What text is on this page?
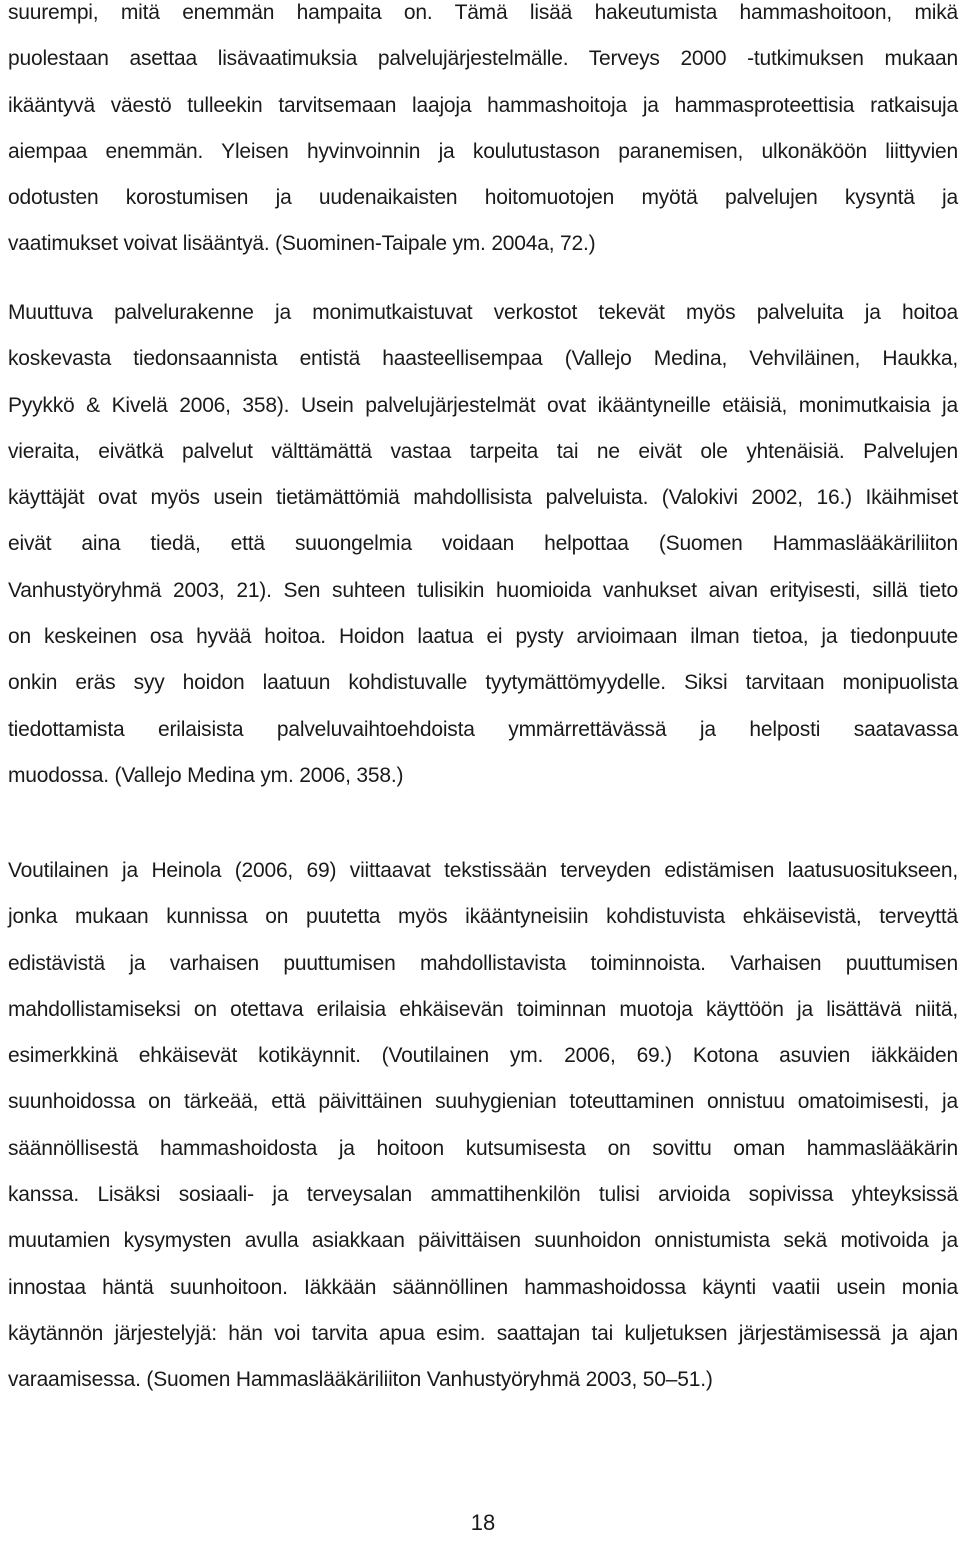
suurempi, mitä enemmän hampaita on. Tämä lisää hakeutumista hammashoitoon, mikä
puolestaan asettaa lisävaatimuksia palvelujärjestelmälle. Terveys 2000 -tutkimuksen mukaan
ikääntyvä väestö tulleekin tarvitsemaan laajoja hammashoitoja ja hammasproteettisia ratkaisuja
aiempaa enemmän. Yleisen hyvinvoinnin ja koulutustason paranemisen, ulkonäköön liittyvien
odotusten korostumisen ja uudenaikaisten hoitomuotojen myötä palvelujen kysyntä ja
vaatimukset voivat lisääntyä. (Suominen-Taipale ym. 2004a, 72.)
Muuttuva palvelurakenne ja monimutkaistuvat verkostot tekevät myös palveluita ja hoitoa
koskevasta tiedonsaannista entistä haasteellisempaa (Vallejo Medina, Vehviläinen, Haukka,
Pyykkö & Kivelä 2006, 358). Usein palvelujärjestelmät ovat ikääntyneille etäisiä, monimutkaisia ja
vieraita, eivätkä palvelut välttämättä vastaa tarpeita tai ne eivät ole yhtenäisiä. Palvelujen
käyttäjät ovat myös usein tietämättömiä mahdollisista palveluista. (Valokivi 2002, 16.) Ikäihmiset
eivät aina tiedä, että suuongelmia voidaan helpottaa (Suomen Hammaslääkäriliiton
Vanhustyöryhmä 2003, 21). Sen suhteen tulisikin huomioida vanhukset aivan erityisesti, sillä tieto
on keskeinen osa hyvää hoitoa. Hoidon laatua ei pysty arvioimaan ilman tietoa, ja tiedonpuute
onkin eräs syy hoidon laatuun kohdistuvalle tyytymättömyydelle. Siksi tarvitaan monipuolista
tiedottamista erilaisista palveluvaihtoehdoista ymmärrettävässä ja helposti saatavassa
muodossa. (Vallejo Medina ym. 2006, 358.)
Voutilainen ja Heinola (2006, 69) viittaavat tekstissään terveyden edistämisen laatusuositukseen,
jonka mukaan kunnissa on puutetta myös ikääntyneisiin kohdistuvista ehkäisevistä, terveyttä
edistävistä ja varhaisen puuttumisen mahdollistavista toiminnoista. Varhaisen puuttumisen
mahdollistamiseksi on otettava erilaisia ehkäisevän toiminnan muotoja käyttöön ja lisättävä niitä,
esimerkkinä ehkäisevät kotikäynnit. (Voutilainen ym. 2006, 69.) Kotona asuvien iäkkäiden
suunhoidossa on tärkeää, että päivittäinen suuhygienian toteuttaminen onnistuu omatoimisesti, ja
säännöllisestä hammashoidosta ja hoitoon kutsumisesta on sovittu oman hammaslääkärin
kanssa. Lisäksi sosiaali- ja terveysalan ammattihenkilön tulisi arvioida sopivissa yhteyksissä
muutamien kysymysten avulla asiakkaan päivittäisen suunhoidon onnistumista sekä motivoida ja
innostaa häntä suunhoitoon. Iäkkään säännöllinen hammashoidossa käynti vaatii usein monia
käytännön järjestelyjä: hän voi tarvita apua esim. saattajan tai kuljetuksen järjestämisessä ja ajan
varaamisessa. (Suomen Hammaslääkäriliiton Vanhustyöryhmä 2003, 50–51.)
18
